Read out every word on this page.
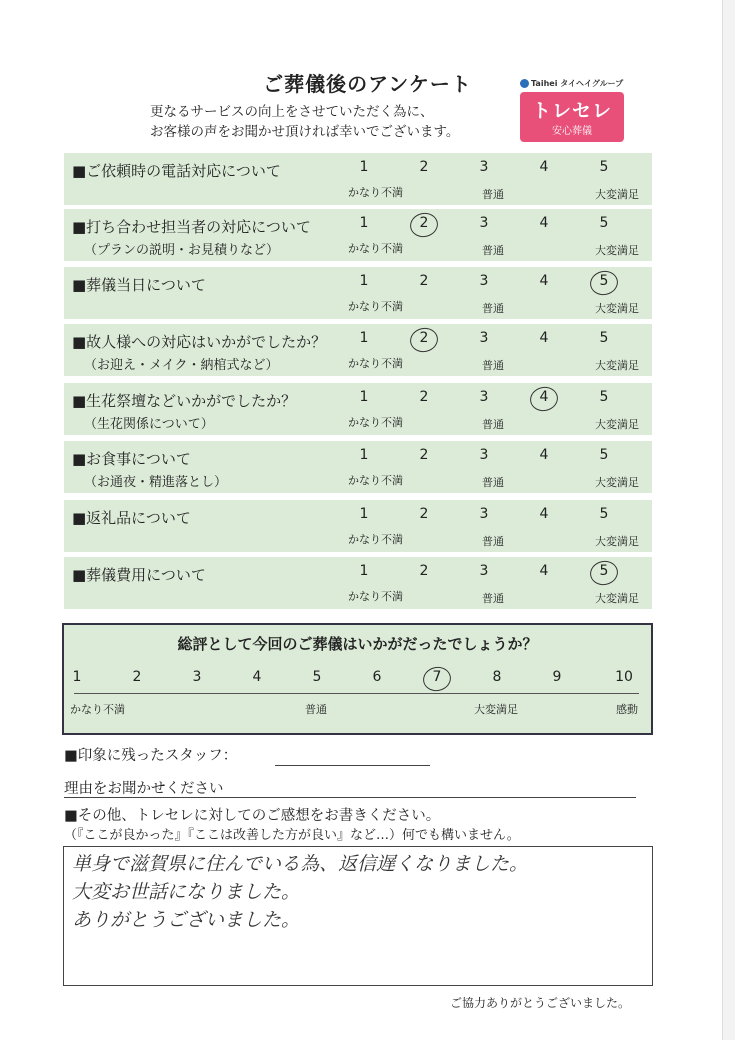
ご葬儀後のアンケート
更なるサービスの向上をさせていただく為に、
お客様の声をお聞かせ頂ければ幸いでございます。
Taihei タイヘイグループ
トレセレ
安心葬儀
■ご依頼時の電話対応について	1	2	3	4	5
かなり不満	普通	大変満足
■打ち合わせ担当者の対応について
（プランの説明・お見積りなど）
1	2	3	4	5
かなり不満	普通	大変満足
■葬儀当日について	1	2	3	4	5
かなり不満	普通	大変満足
■故人様への対応はいかがでしたか？
（お迎え・メイク・納棺式など）
1	2	3	4	5
かなり不満	普通	大変満足
■生花祭壇などいかがでしたか？
（生花関係について）
1	2	3	4	5
かなり不満	普通	大変満足
■お食事について
（お通夜・精進落とし）
1	2	3	4	5
かなり不満	普通	大変満足
■返礼品について	1	2	3	4	5
かなり不満	普通	大変満足
■葬儀費用について	1	2	3	4	5
かなり不満	普通	大変満足
総評として今回のご葬儀はいかがだったでしょうか？
1	2	3	4	5	6	7	8	9	10
かなり不満	普通	大変満足	感動
■印象に残ったスタッフ：
理由をお聞かせください
■その他、トレセレに対してのご感想をお書きください。
（『ここが良かった』『ここは改善した方が良い』など…）何でも構いません。
単身で滋賀県に住んでいる為、返信遅くなりました。
大変お世話になりました。
ありがとうございました。
ご協力ありがとうございました。
